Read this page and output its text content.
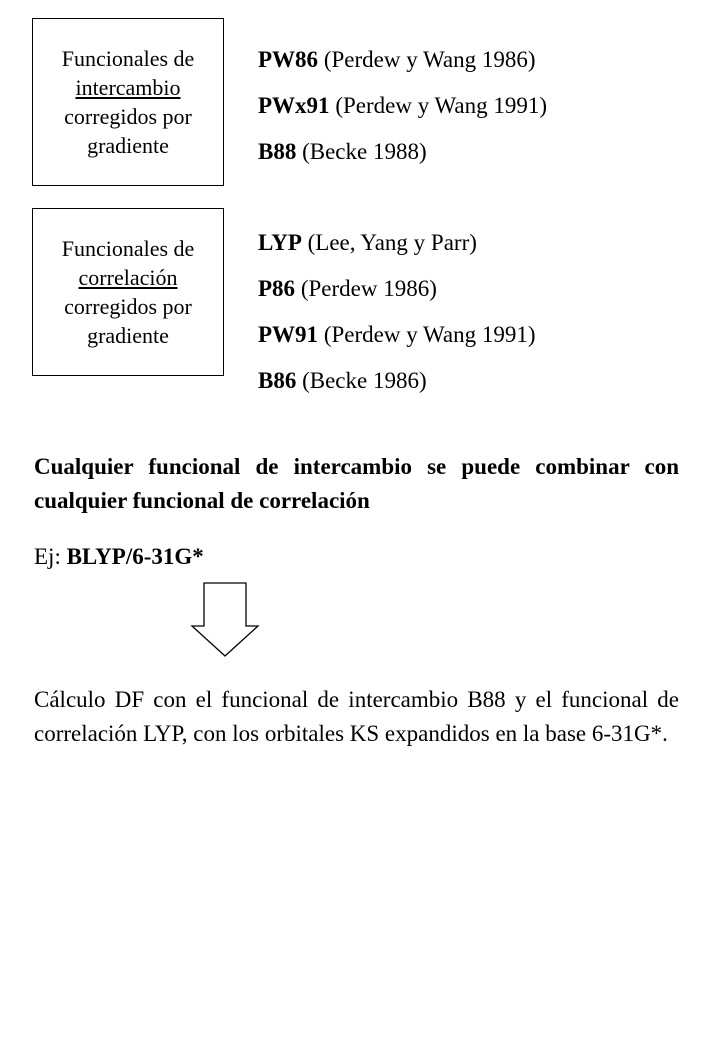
Funcionales de
intercambio
corregidos por
gradiente
PW86 (Perdew y Wang 1986)
PWx91 (Perdew y Wang 1991)
B88 (Becke 1988)
Funcionales de
correlación
corregidos por
gradiente
LYP (Lee, Yang y Parr)
P86 (Perdew 1986)
PW91 (Perdew y Wang 1991)
B86 (Becke 1986)

Cualquier funcional de intercambio se puede combinar con cualquier funcional de correlación

Ej: BLYP/6-31G*

Cálculo DF con el funcional de intercambio B88 y el funcional de correlación LYP, con los orbitales KS expandidos en la base 6-31G*.
